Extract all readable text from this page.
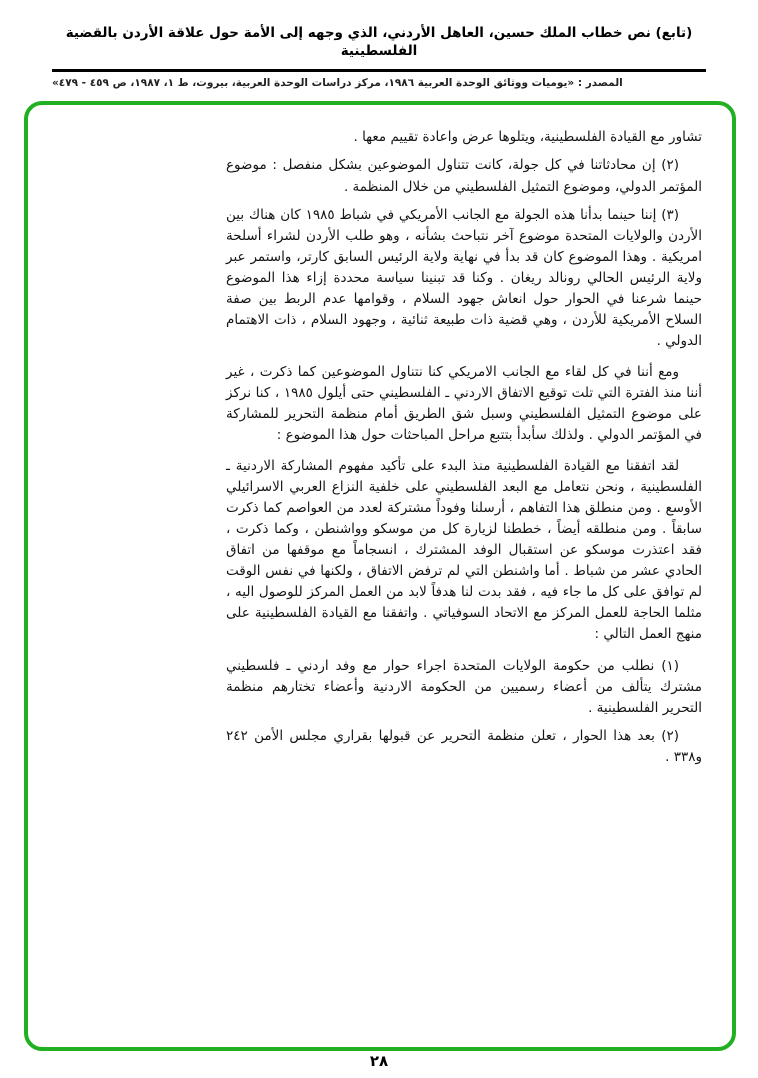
(تابع) نص خطاب الملك حسين، العاهل الأردني، الذي وجهه إلى الأمة حول علاقة الأردن بالقضية الفلسطينية
المصدر : «يوميات ووثائق الوحدة العربية ١٩٨٦، مركز دراسات الوحدة العربية، بيروت، ط ١، ١٩٨٧، ص ٤٥٩ - ٤٧٩»

تشاور مع القيادة الفلسطينية، ويتلوها عرض واعادة تقييم معها .

(٢) إن محادثاتنا في كل جولة، كانت تتناول الموضوعين بشكل منفصل : موضوع المؤتمر الدولي، وموضوع التمثيل الفلسطيني من خلال المنظمة .

(٣) إننا حينما بدأنا هذه الجولة مع الجانب الأمريكي في شباط ١٩٨٥ كان هناك بين الأردن والولايات المتحدة موضوع آخر نتباحث بشأنه ، وهو طلب الأردن لشراء أسلحة امريكية . وهذا الموضوع كان قد بدأ في نهاية ولاية الرئيس السابق كارتر، واستمر عبر ولاية الرئيس الحالي رونالد ريغان . وكنا قد تبنينا سياسة محددة إزاء هذا الموضوع حينما شرعنا في الحوار حول انعاش جهود السلام ، وقوامها عدم الربط بين صفة السلاح الأمريكية للأردن ، وهي قضية ذات طبيعة ثنائية ، وجهود السلام ، ذات الاهتمام الدولي .

ومع أننا في كل لقاء مع الجانب الامريكي كنا نتناول الموضوعين كما ذكرت ، غير أننا منذ الفترة التي تلت توقيع الاتفاق الاردني ـ الفلسطيني حتى أيلول ١٩٨٥ ، كنا نركز على موضوع التمثيل الفلسطيني وسبل شق الطريق أمام منظمة التحرير للمشاركة في المؤتمر الدولي . ولذلك سأبدأ بتتبع مراحل المباحثات حول هذا الموضوع :

لقد اتفقنا مع القيادة الفلسطينية منذ البدء على تأكيد مفهوم المشاركة الاردنية ـ الفلسطينية ، ونحن نتعامل مع البعد الفلسطيني على خلفية النزاع العربي الاسرائيلي الأوسع . ومن منطلق هذا التفاهم ، أرسلنا وفوداً مشتركة لعدد من العواصم كما ذكرت سابقاً . ومن منطلقه أيضاً ، خططنا لزيارة كل من موسكو وواشنطن ، وكما ذكرت ، فقد اعتذرت موسكو عن استقبال الوفد المشترك ، انسجاماً مع موقفها من اتفاق الحادي عشر من شباط . أما واشنطن التي لم ترفض الاتفاق ، ولكنها في نفس الوقت لم توافق على كل ما جاء فيه ، فقد بدت لنا هدفاً لابد من العمل المركز للوصول اليه ، مثلما الحاجة للعمل المركز مع الاتحاد السوفياتي . واتفقنا مع القيادة الفلسطينية على منهج العمل التالي :

(١) نطلب من حكومة الولايات المتحدة اجراء حوار مع وفد اردني ـ فلسطيني مشترك يتألف من أعضاء رسميين من الحكومة الاردنية وأعضاء تختارهم منظمة التحرير الفلسطينية .

(٢) بعد هذا الحوار ، تعلن منظمة التحرير عن قبولها بقراري مجلس الأمن ٢٤٢ و٣٣٨ .

٢٨
